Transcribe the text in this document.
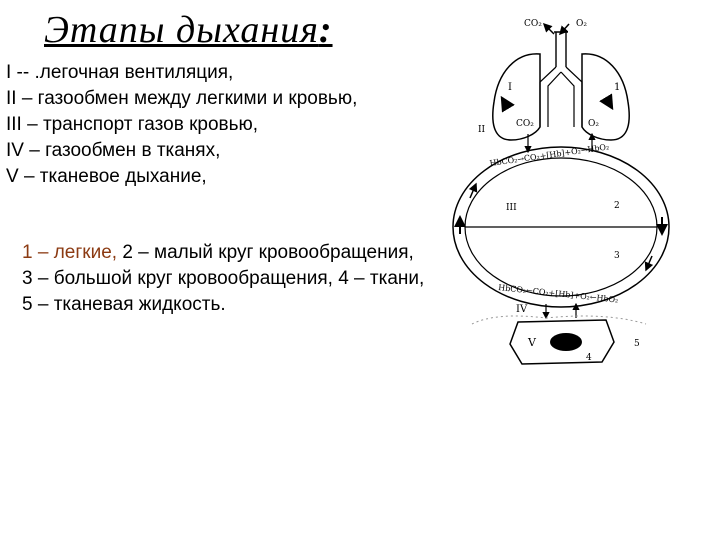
Этапы дыхания:
I -- .легочная вентиляция,
II – газообмен между легкими и кровью,
III – транспорт газов кровью,
IV – газообмен в тканях,
V – тканевое дыхание,
1 – легкие, 2 – малый круг кровообращения,
3 – большой круг кровообращения, 4 – ткани,
5 – тканевая жидкость.
CO₂	O₂
I	1
CO₂	O₂
II
HbCO₂→CO₂+[Hb]+O₂→HbO₂
HbCO₂←CO₂+[Hb]+O₂←HbO₂
III	2
3
IV
V
4
5
